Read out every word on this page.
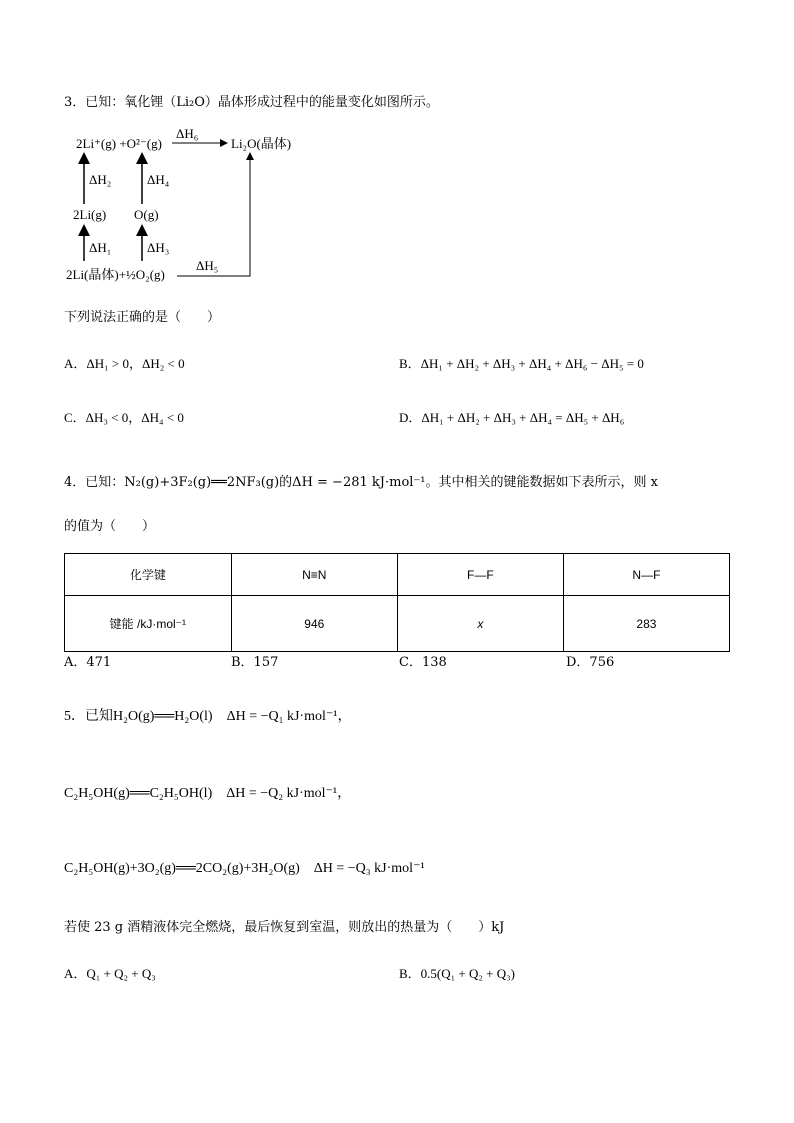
3．已知：氧化锂（Li₂O）晶体形成过程中的能量变化如图所示。
2Li⁺(g) +O²⁻(g)	Li₂O(晶体)
ΔH₆
ΔH₂	ΔH₄
2Li(g) O(g)
ΔH₁	ΔH₃
2Li(晶体)+½O₂(g)
ΔH₅
下列说法正确的是（　　）
A．ΔH₁ > 0，ΔH₂ < 0	B．ΔH₁ + ΔH₂ + ΔH₃ + ΔH₄ + ΔH₆ − ΔH₅ = 0
C．ΔH₃ < 0，ΔH₄ < 0	D．ΔH₁ + ΔH₂ + ΔH₃ + ΔH₄ = ΔH₅ + ΔH₆
4．已知：N₂(g)+3F₂(g)══2NF₃(g)的ΔH = −281 kJ·mol⁻¹。其中相关的键能数据如下表所示，则 x
的值为（　　）
化学键	N≡N	F—F	N—F
键能 /kJ·mol⁻¹	946	x	283
A．471	B．157	C．138	D．756
5．已知H₂O(g)══H₂O(l)　ΔH = −Q₁ kJ·mol⁻¹，
C₂H₅OH(g)══C₂H₅OH(l)　ΔH = −Q₂ kJ·mol⁻¹，
C₂H₅OH(g)+3O₂(g)══2CO₂(g)+3H₂O(g)　ΔH = −Q₃ kJ·mol⁻¹
若使 23 g 酒精液体完全燃烧，最后恢复到室温，则放出的热量为（　　）kJ
A．Q₁ + Q₂ + Q₃	B．0.5(Q₁ + Q₂ + Q₃)
